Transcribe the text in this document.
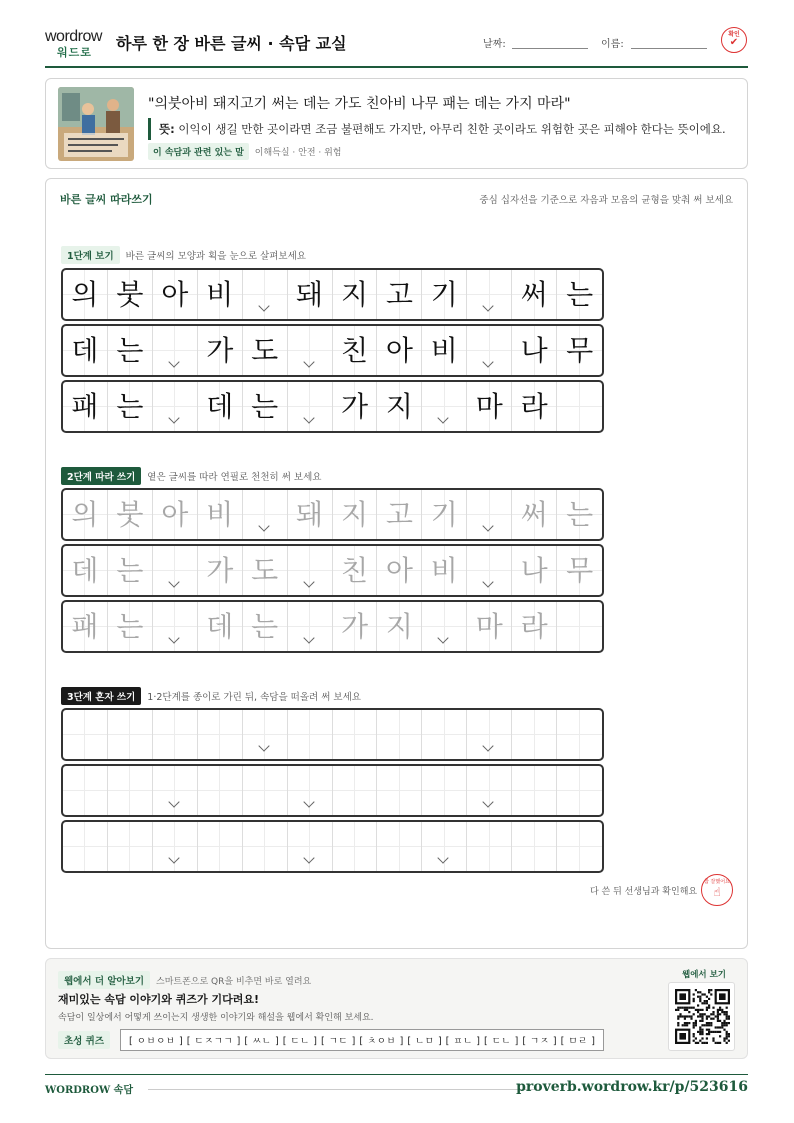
wordrow
워드로 하루 한 장 바른 글씨 · 속담 교실	날짜:	이름:
확인
✔
"의붓아비 돼지고기 써는 데는 가도 친아비 나무 패는 데는 가지 마라"
뜻: 이익이 생길 만한 곳이라면 조금 불편해도 가지만, 아무리 친한 곳이라도 위험한 곳은 피해야 한다는 뜻이에요.
이 속담과 관련 있는 말 이해득실 · 안전 · 위험
바른 글씨 따라쓰기	중심 십자선을 기준으로 자음과 모음의 균형을 맞춰 써 보세요
1단계 보기 바른 글씨의 모양과 획을 눈으로 살펴보세요
2단계 따라 쓰기 옅은 글씨를 따라 연필로 천천히 써 보세요
3단계 혼자 쓰기 1·2단계를 종이로 가린 뒤, 속담을 떠올려 써 보세요
의 붓 아 비	돼 지 고 기	써 는
데 는	가 도	친 아 비	나 무
패 는	데 는	가 지	마 라
의 붓 아 비	돼 지 고 기	써 는
데 는	가 도	친 아 비	나 무
패 는	데 는	가 지	마 라
다 쓴 뒤 선생님과 확인해요
참 잘했어요
☝
웹에서 더 알아보기 스마트폰으로 QR을 비추면 바로 열려요
재미있는 속담 이야기와 퀴즈가 기다려요!
속담이 일상에서 어떻게 쓰이는지 생생한 이야기와 해설을 웹에서 확인해 보세요.
초성 퀴즈	[ ㅇㅂㅇㅂ ] [ ㄷㅈㄱㄱ ] [ ㅆㄴ ] [ ㄷㄴ ] [ ㄱㄷ ] [ ㅊㅇㅂ ] [ ㄴㅁ ] [ ㅍㄴ ] [ ㄷㄴ ] [ ㄱㅈ ] [ ㅁㄹ ]
웹에서 보기
WORDROW 속담	proverb.wordrow.kr/p/523616
